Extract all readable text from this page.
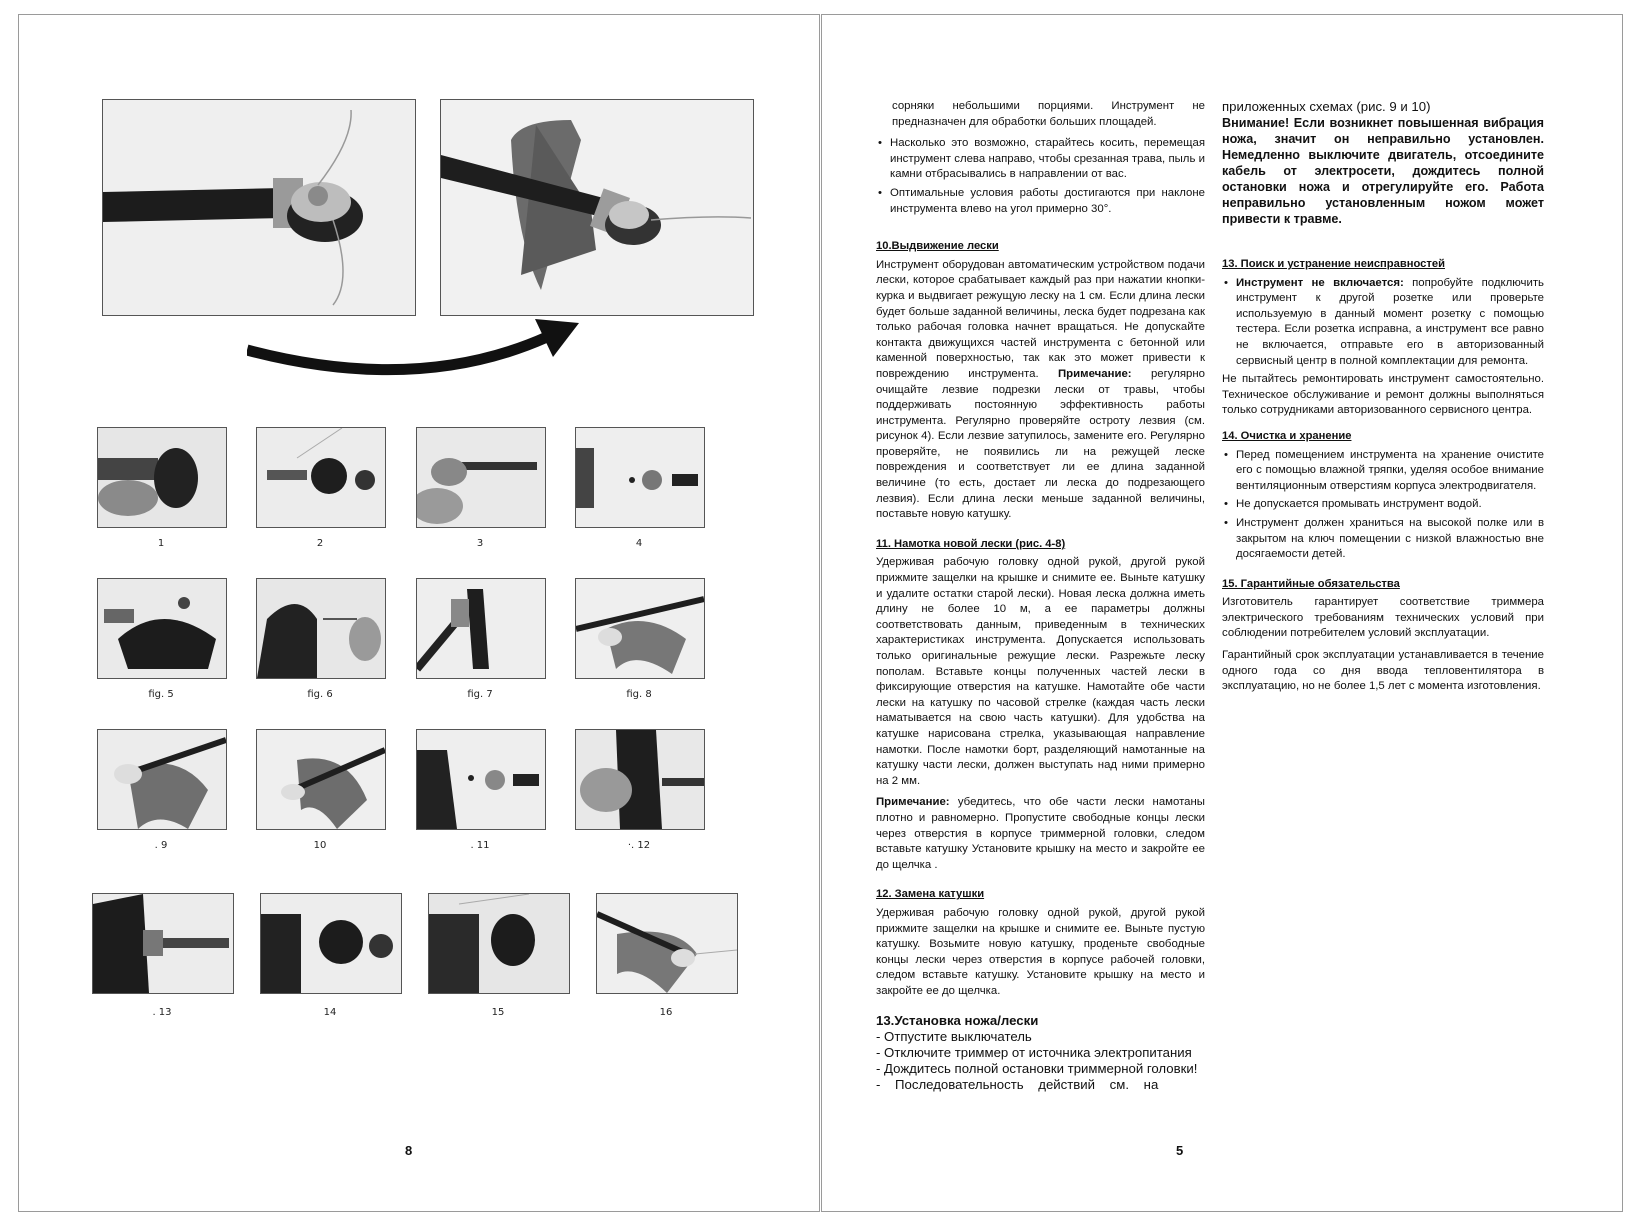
1	2	3	4
fig. 5	fig. 6	fig. 7	fig. 8
. 9	10	. 11	·. 12
. 13	14	15	16
8

сорняки небольшими порциями. Инструмент не предназначен для обработки больших площадей.

• Насколько это возможно, старайтесь косить, перемещая инструмент слева направо, чтобы срезанная трава, пыль и камни отбрасывались в направлении от вас.
• Оптимальные условия работы достигаются при наклоне инструмента влево на угол примерно 30°.
10.Выдвижение лески

Инструмент оборудован автоматическим устройством подачи лески, которое срабатывает каждый раз при нажатии кнопки-курка и выдвигает режущую леску на 1 см. Если длина лески будет больше заданной величины, леска будет подрезана как только рабочая головка начнет вращаться. Не допускайте контакта движущихся частей инструмента с бетонной или каменной поверхностью, так как это может привести к повреждению инструмента. Примечание: регулярно очищайте лезвие подрезки лески от травы, чтобы поддерживать постоянную эффективность работы инструмента. Регулярно проверяйте остроту лезвия (см. рисунок 4). Если лезвие затупилось, замените его. Регулярно проверяйте, не появились ли на режущей леске повреждения и соответствует ли ее длина заданной величине (то есть, достает ли леска до подрезающего лезвия). Если длина лески меньше заданной величины, поставьте новую катушку.

11. Намотка новой лески (рис. 4-8)

Удерживая рабочую головку одной рукой, другой рукой прижмите защелки на крышке и снимите ее. Выньте катушку и удалите остатки старой лески). Новая леска должна иметь длину не более 10 м, а ее параметры должны соответствовать данным, приведенным в технических характеристиках инструмента. Допускается использовать только оригинальные режущие лески. Разрежьте леску пополам. Вставьте концы полученных частей лески в фиксирующие отверстия на катушке. Намотайте обе части лески на катушку по часовой стрелке (каждая часть лески наматывается на свою часть катушки). Для удобства на катушке нарисована стрелка, указывающая направление намотки. После намотки борт, разделяющий намотанные на катушку части лески, должен выступать над ними примерно на 2 мм.

Примечание: убедитесь, что обе части лески намотаны плотно и равномерно. Пропустите свободные концы лески через отверстия в корпусе триммерной головки, следом вставьте катушку Установите крышку на место и закройте ее до щелчка .

12. Замена катушки

Удерживая рабочую головку одной рукой, другой рукой прижмите защелки на крышке и снимите ее. Выньте пустую катушку. Возьмите новую катушку, проденьте свободные концы лески через отверстия в корпусе рабочей головки, следом вставьте катушку. Установите крышку на место и закройте ее до щелчка.

13.Установка ножа/лески
- Отпустите выключатель
- Отключите триммер от источника электропитания
- Дождитесь полной остановки триммерной головки!
-    Последовательность    действий    см.    на
приложенных схемах (рис. 9 и 10)
Внимание! Если возникнет повышенная вибрация ножа, значит он неправильно установлен. Немедленно выключите двигатель, отсоедините кабель от электросети, дождитесь полной остановки ножа и отрегулируйте его. Работа неправильно установленным ножом может привести к травме.
13. Поиск и устранение неисправностей
• Инструмент не включается: попробуйте подключить инструмент к другой розетке или проверьте используемую в данный момент розетку с помощью тестера. Если розетка исправна, а инструмент все равно не включается, отправьте его в авторизованный сервисный центр в полной комплектации для ремонта.

Не пытайтесь ремонтировать инструмент самостоятельно. Техническое обслуживание и ремонт должны выполняться только сотрудниками авторизованного сервисного центра.

14. Очистка и хранение
• Перед помещением инструмента на хранение очистите его с помощью влажной тряпки, уделяя особое внимание вентиляционным отверстиям корпуса электродвигателя.
• Не допускается промывать инструмент водой.
• Инструмент должен храниться на высокой полке или в закрытом на ключ помещении с низкой влажностью вне досягаемости детей.
15. Гарантийные обязательства

Изготовитель гарантирует соответствие триммера электрического требованиям технических условий при соблюдении потребителем условий эксплуатации.

Гарантийный срок эксплуатации устанавливается в течение одного года со дня ввода тепловентилятора в эксплуатацию, но не более 1,5 лет с момента изготовления.

5
